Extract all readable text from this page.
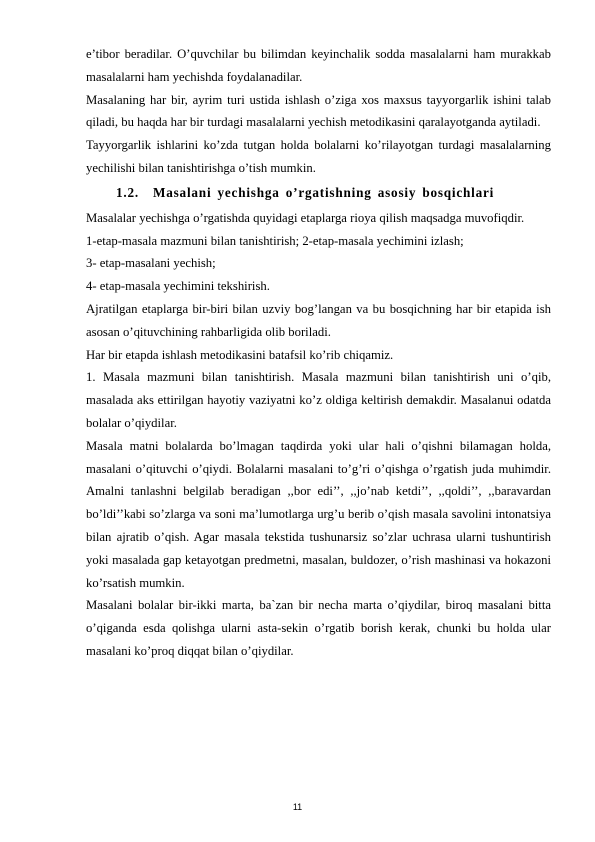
e’tibor beradilar. O’quvchilar bu bilimdan keyinchalik sodda masalalarni ham murakkab masalalarni ham yechishda foydalanadilar.

Masalaning har bir, ayrim turi ustida ishlash o’ziga xos maxsus tayyorgarlik ishini talab qiladi, bu haqda har bir turdagi masalalarni yechish metodikasini qaralayotganda aytiladi.

Tayyorgarlik ishlarini ko’zda tutgan holda bolalarni ko’rilayotgan turdagi masalalarning yechilishi bilan tanishtirishga o’tish mumkin.

1.2. Masalani yechishga o’rgatishning asosiy bosqichlari

Masalalar yechishga o’rgatishda quyidagi etaplarga rioya qilish maqsadga muvofiqdir.

1-etap-masala mazmuni bilan tanishtirish; 2-etap-masala yechimini izlash;

3- etap-masalani yechish;

4- etap-masala yechimini tekshirish.

Ajratilgan etaplarga bir-biri bilan uzviy bog’langan va bu bosqichning har bir etapida ish asosan o’qituvchining rahbarligida olib boriladi.

Har bir etapda ishlash metodikasini batafsil ko’rib chiqamiz.

1. Masala mazmuni bilan tanishtirish. Masala mazmuni bilan tanishtirish uni o’qib, masalada aks ettirilgan hayotiy vaziyatni ko’z oldiga keltirish demakdir. Masalanui odatda bolalar o’qiydilar.

Masala matni bolalarda bo’lmagan taqdirda yoki ular hali o’qishni bilamagan holda, masalani o’qituvchi o’qiydi. Bolalarni masalani to’g’ri o’qishga o’rgatish juda muhimdir. Amalni tanlashni belgilab beradigan ,,bor edi’’, ,,jo’nab ketdi’’, ,,qoldi’’, ,,baravardan bo’ldi’’kabi so’zlarga va soni ma’lumotlarga urg’u berib o’qish masala savolini intonatsiya bilan ajratib o’qish. Agar masala tekstida tushunarsiz so’zlar uchrasa ularni tushuntirish yoki masalada gap ketayotgan predmetni, masalan, buldozer, o’rish mashinasi va hokazoni ko’rsatish mumkin.

Masalani bolalar bir-ikki marta, ba`zan bir necha marta o’qiydilar, biroq masalani bitta o’qiganda esda qolishga ularni asta-sekin o’rgatib borish kerak, chunki bu holda ular masalani ko’proq diqqat bilan o’qiydilar.

11
